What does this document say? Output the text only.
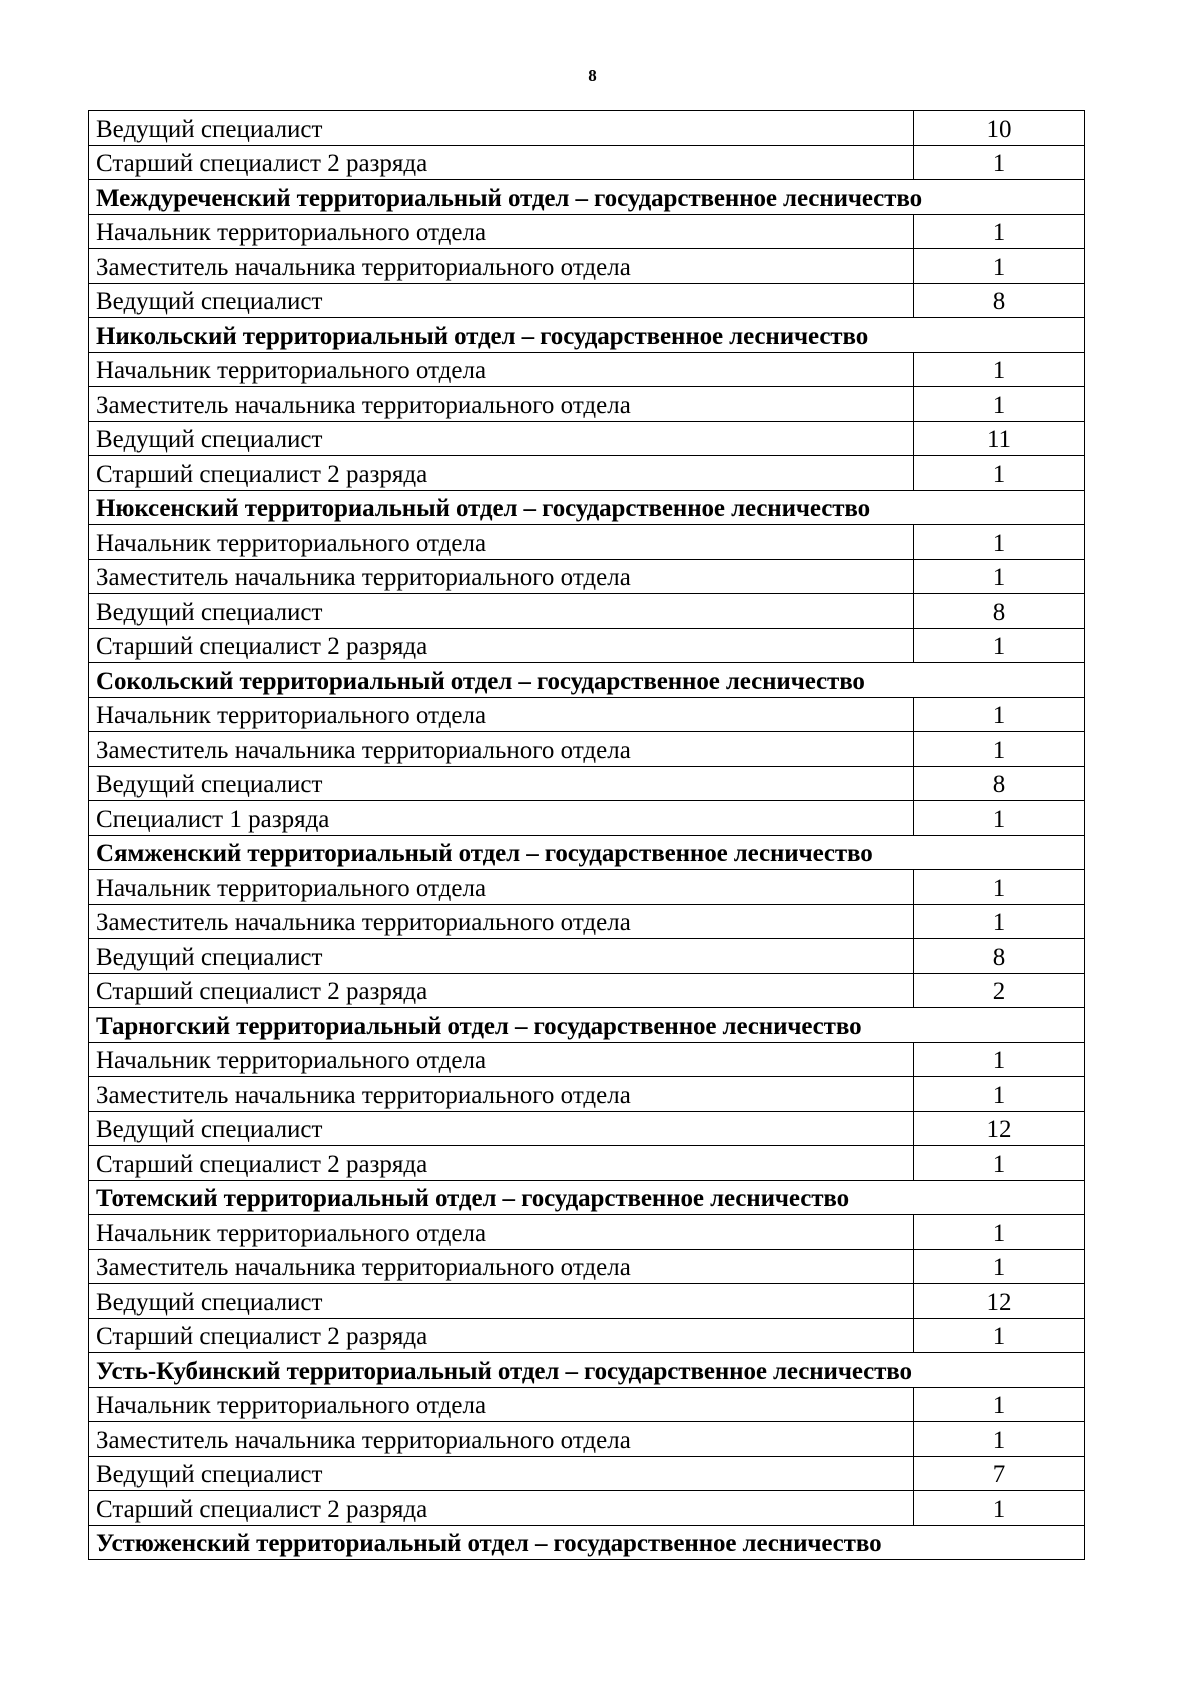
8
Ведущий специалист	10
Старший специалист 2 разряда	1
Междуреченский территориальный отдел – государственное лесничество	
Начальник территориального отдела	1
Заместитель начальника территориального отдела	1
Ведущий специалист	8
Никольский территориальный отдел – государственное лесничество	
Начальник территориального отдела	1
Заместитель начальника территориального отдела	1
Ведущий специалист	11
Старший специалист 2 разряда	1
Нюксенский территориальный отдел – государственное лесничество	
Начальник территориального отдела	1
Заместитель начальника территориального отдела	1
Ведущий специалист	8
Старший специалист 2 разряда	1
Сокольский территориальный отдел – государственное лесничество	
Начальник территориального отдела	1
Заместитель начальника территориального отдела	1
Ведущий специалист	8
Специалист 1 разряда	1
Сямженский территориальный отдел – государственное лесничество	
Начальник территориального отдела	1
Заместитель начальника территориального отдела	1
Ведущий специалист	8
Старший специалист 2 разряда	2
Тарногский территориальный отдел – государственное лесничество	
Начальник территориального отдела	1
Заместитель начальника территориального отдела	1
Ведущий специалист	12
Старший специалист 2 разряда	1
Тотемский территориальный отдел – государственное лесничество	
Начальник территориального отдела	1
Заместитель начальника территориального отдела	1
Ведущий специалист	12
Старший специалист 2 разряда	1
Усть-Кубинский территориальный отдел – государственное лесничество	
Начальник территориального отдела	1
Заместитель начальника территориального отдела	1
Ведущий специалист	7
Старший специалист 2 разряда	1
Устюженский территориальный отдел – государственное лесничество	
